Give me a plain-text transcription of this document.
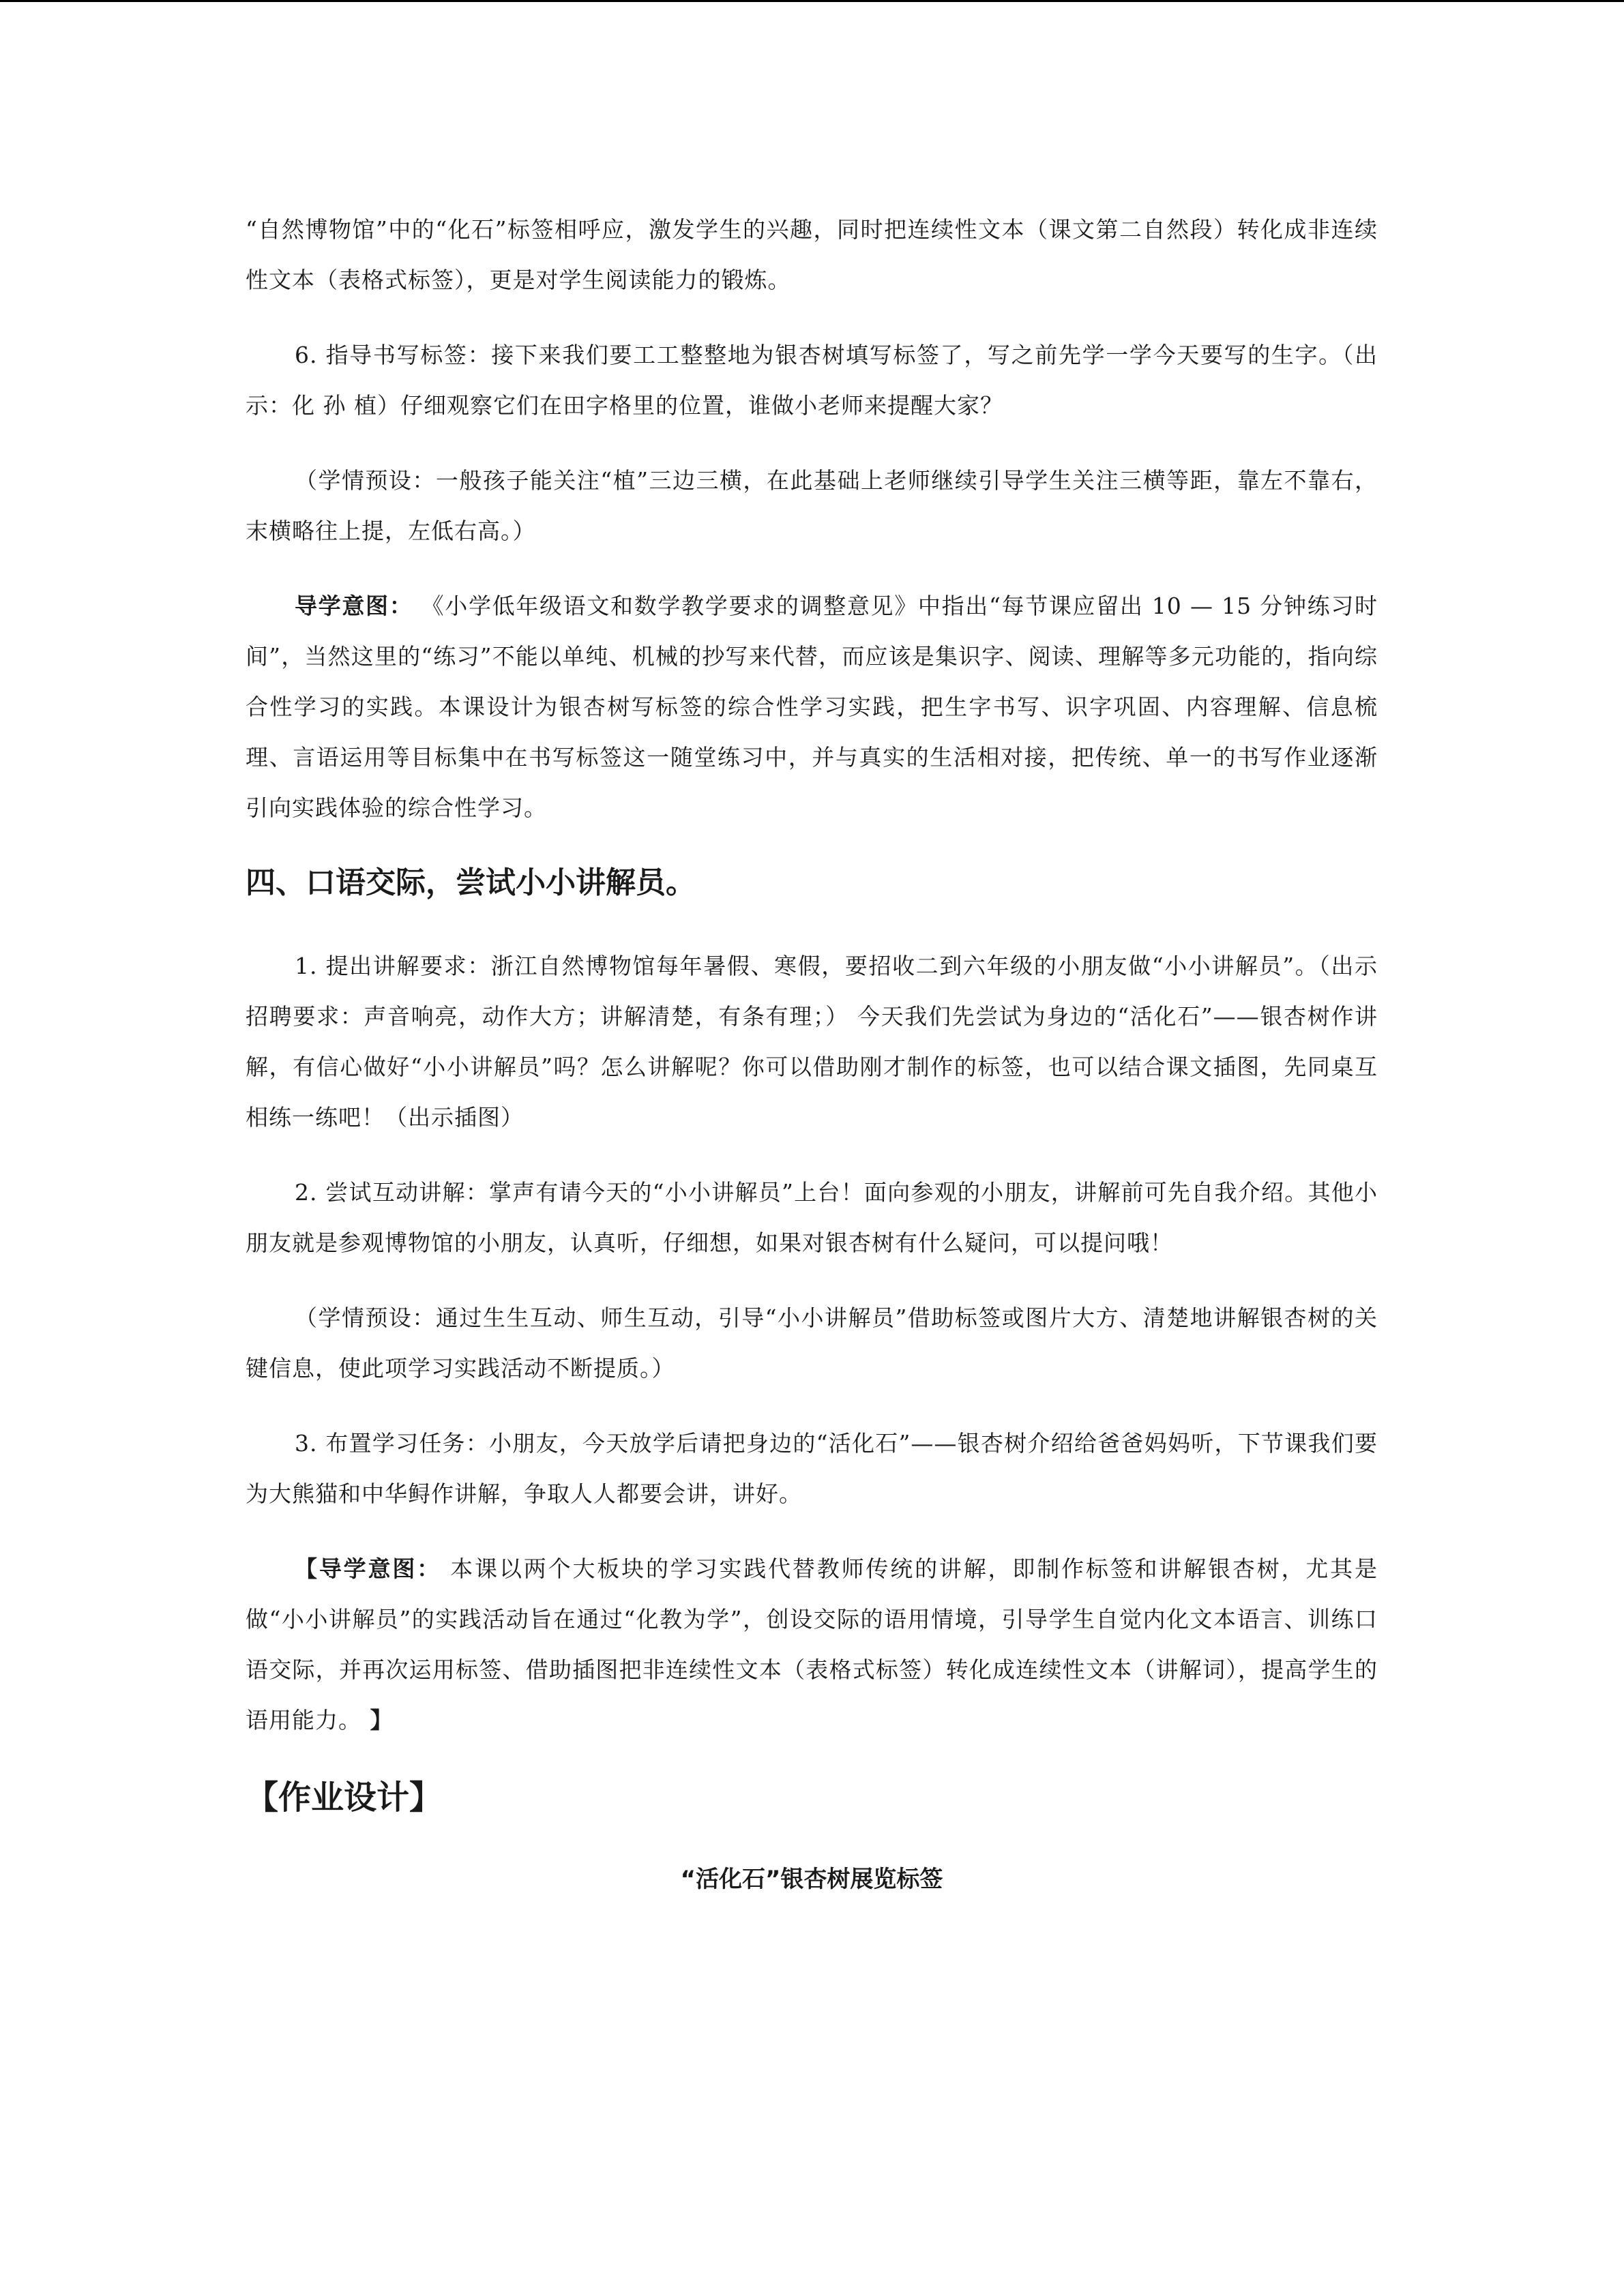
“自然博物馆”中的“化石”标签相呼应，激发学生的兴趣，同时把连续性文本（课文第二自然段）转化成非连续性文本（表格式标签），更是对学生阅读能力的锻炼。

6. 指导书写标签：接下来我们要工工整整地为银杏树填写标签了，写之前先学一学今天要写的生字。（出示：化 孙 植）仔细观察它们在田字格里的位置，谁做小老师来提醒大家？

（学情预设：一般孩子能关注“植”三边三横，在此基础上老师继续引导学生关注三横等距，靠左不靠右，末横略往上提，左低右高。）

导学意图： 《小学低年级语文和数学教学要求的调整意见》中指出“每节课应留出 10 — 15 分钟练习时间”，当然这里的“练习”不能以单纯、机械的抄写来代替，而应该是集识字、阅读、理解等多元功能的，指向综合性学习的实践。本课设计为银杏树写标签的综合性学习实践，把生字书写、识字巩固、内容理解、信息梳理、言语运用等目标集中在书写标签这一随堂练习中，并与真实的生活相对接，把传统、单一的书写作业逐渐引向实践体验的综合性学习。

四、口语交际，尝试小小讲解员。

1. 提出讲解要求：浙江自然博物馆每年暑假、寒假，要招收二到六年级的小朋友做“小小讲解员”。（出示招聘要求：声音响亮，动作大方；讲解清楚，有条有理；） 今天我们先尝试为身边的“活化石”——银杏树作讲解，有信心做好“小小讲解员”吗？怎么讲解呢？你可以借助刚才制作的标签，也可以结合课文插图，先同桌互相练一练吧！（出示插图）

2. 尝试互动讲解：掌声有请今天的“小小讲解员”上台！面向参观的小朋友，讲解前可先自我介绍。其他小朋友就是参观博物馆的小朋友，认真听，仔细想，如果对银杏树有什么疑问，可以提问哦！

（学情预设：通过生生互动、师生互动，引导“小小讲解员”借助标签或图片大方、清楚地讲解银杏树的关键信息，使此项学习实践活动不断提质。）

3. 布置学习任务：小朋友，今天放学后请把身边的“活化石”——银杏树介绍给爸爸妈妈听，下节课我们要为大熊猫和中华鲟作讲解，争取人人都要会讲，讲好。

【导学意图： 本课以两个大板块的学习实践代替教师传统的讲解，即制作标签和讲解银杏树，尤其是做“小小讲解员”的实践活动旨在通过“化教为学”，创设交际的语用情境，引导学生自觉内化文本语言、训练口语交际，并再次运用标签、借助插图把非连续性文本（表格式标签）转化成连续性文本（讲解词），提高学生的语用能力。 】

【作业设计】

“活化石”银杏树展览标签
